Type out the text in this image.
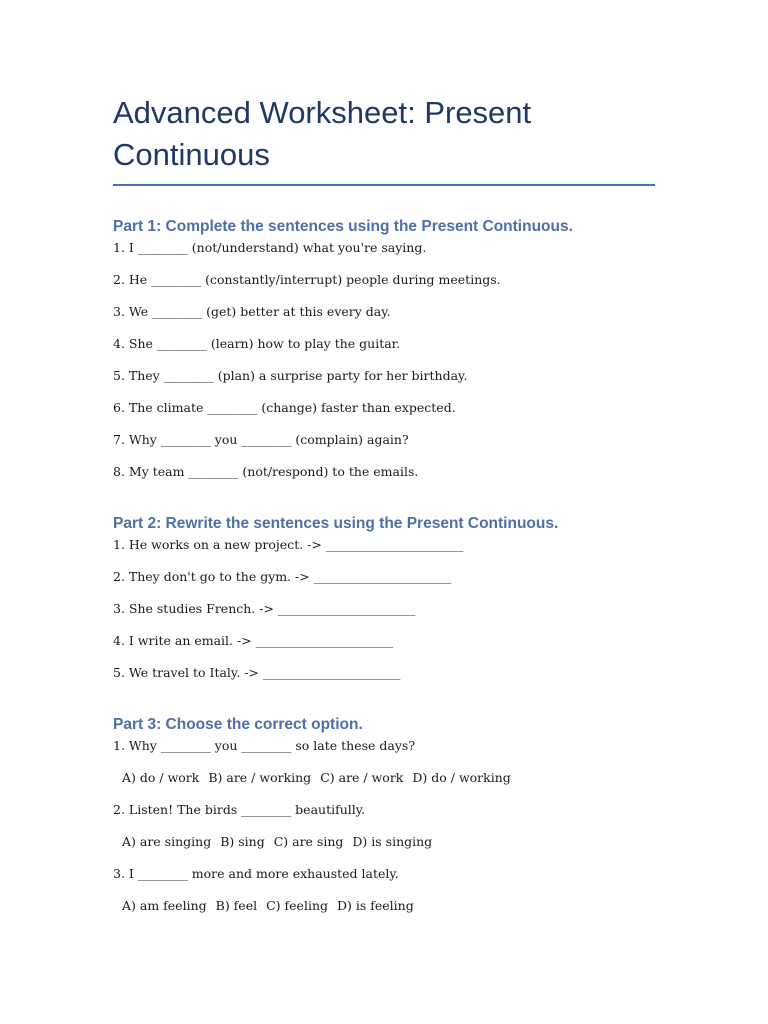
Advanced Worksheet: Present
Continuous

Part 1: Complete the sentences using the Present Continuous.

1. I ________ (not/understand) what you're saying.

2. He ________ (constantly/interrupt) people during meetings.

3. We ________ (get) better at this every day.

4. She ________ (learn) how to play the guitar.

5. They ________ (plan) a surprise party for her birthday.

6. The climate ________ (change) faster than expected.

7. Why ________ you ________ (complain) again?

8. My team ________ (not/respond) to the emails.

Part 2: Rewrite the sentences using the Present Continuous.

1. He works on a new project. -> ______________________

2. They don't go to the gym. -> ______________________

3. She studies French. -> ______________________

4. I write an email. -> ______________________

5. We travel to Italy. -> ______________________

Part 3: Choose the correct option.

1. Why ________ you ________ so late these days?

A) do / work B) are / working C) are / work D) do / working

2. Listen! The birds ________ beautifully.

A) are singing B) sing C) are sing D) is singing

3. I ________ more and more exhausted lately.

A) am feeling B) feel C) feeling D) is feeling
